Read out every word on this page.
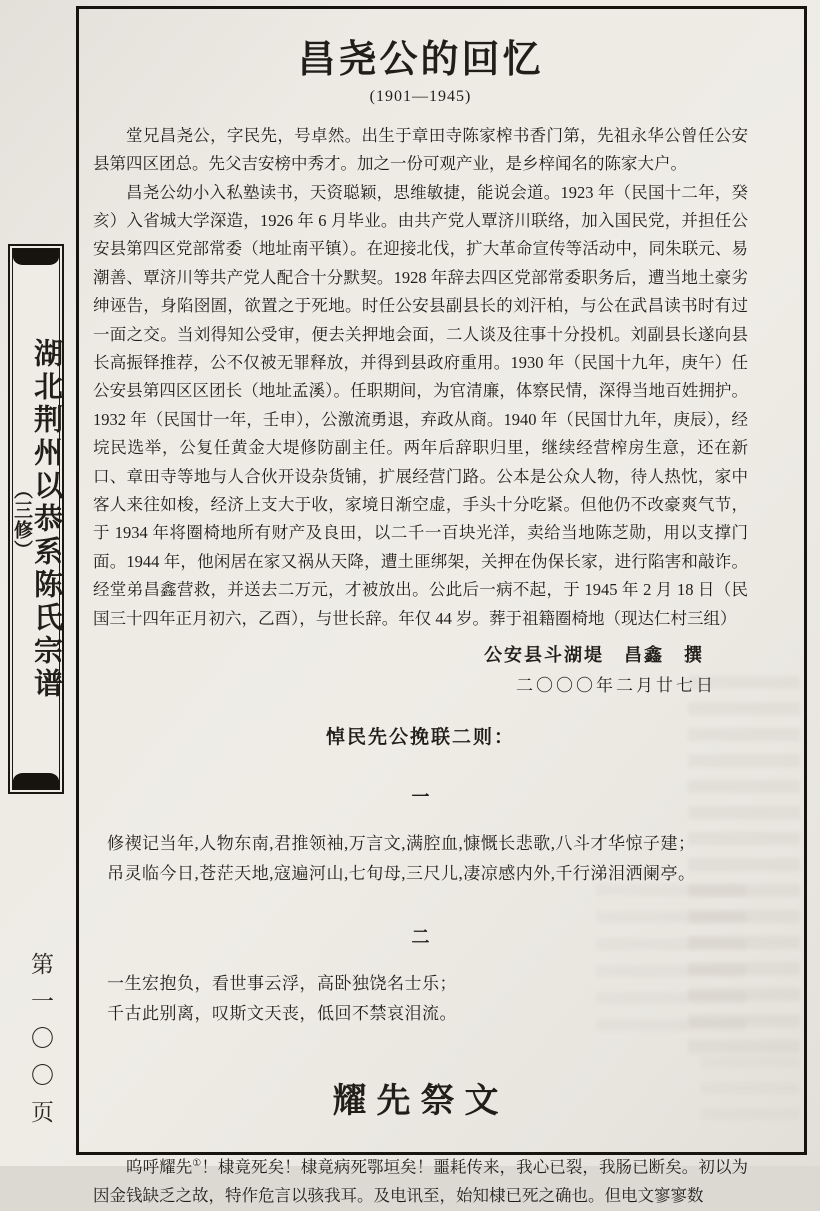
湖北荆州以恭系陈氏宗谱
（三修）
第一〇〇页
昌尧公的回忆
(1901—1945)

堂兄昌尧公，字民先，号卓然。出生于章田寺陈家榨书香门第，先祖永华公曾任公安县第四区团总。先父吉安榜中秀才。加之一份可观产业，是乡梓闻名的陈家大户。

昌尧公幼小入私塾读书，天资聪颖，思维敏捷，能说会道。1923 年（民国十二年，癸亥）入省城大学深造，1926 年 6 月毕业。由共产党人覃济川联络，加入国民党，并担任公安县第四区党部常委（地址南平镇）。在迎接北伐，扩大革命宣传等活动中，同朱联元、易潮善、覃济川等共产党人配合十分默契。1928 年辞去四区党部常委职务后，遭当地土豪劣绅诬告，身陷囹圄，欲置之于死地。时任公安县副县长的刘汗柏，与公在武昌读书时有过一面之交。当刘得知公受审，便去关押地会面，二人谈及往事十分投机。刘副县长遂向县长高振铎推荐，公不仅被无罪释放，并得到县政府重用。1930 年（民国十九年，庚午）任公安县第四区区团长（地址孟溪）。任职期间，为官清廉，体察民情，深得当地百姓拥护。1932 年（民国廿一年，壬申），公激流勇退，弃政从商。1940 年（民国廿九年，庚辰），经垸民选举，公复任黄金大堤修防副主任。两年后辞职归里，继续经营榨房生意，还在新口、章田寺等地与人合伙开设杂货铺，扩展经营门路。公本是公众人物，待人热忱，家中客人来往如梭，经济上支大于收，家境日渐空虚，手头十分吃紧。但他仍不改豪爽气节，于 1934 年将圈椅地所有财产及良田，以二千一百块光洋，卖给当地陈芝勋，用以支撑门面。1944 年，他闲居在家又祸从天降，遭土匪绑架，关押在伪保长家，进行陷害和敲诈。经堂弟昌鑫营救，并送去二万元，才被放出。公此后一病不起，于 1945 年 2 月 18 日（民国三十四年正月初六，乙酉），与世长辞。年仅 44 岁。葬于祖籍圈椅地（现达仁村三组）

公安县斗湖堤　昌鑫　撰
二〇〇〇年二月廿七日
悼民先公挽联二则：
一

修禊记当年,人物东南,君推领袖,万言文,满腔血,慷慨长悲歌,八斗才华惊子建；

吊灵临今日,苍茫天地,寇遍河山,七旬母,三尺儿,凄凉感内外,千行涕泪洒阑亭。

二

一生宏抱负，看世事云浮，高卧独饶名士乐；

千古此别离，叹斯文天丧，低回不禁哀泪流。

耀先祭文

呜呼耀先①！棣竟死矣！棣竟病死鄂垣矣！噩耗传来，我心已裂，我肠已断矣。初以为因金钱缺乏之故，特作危言以骇我耳。及电讯至，始知棣已死之确也。但电文寥寥数
